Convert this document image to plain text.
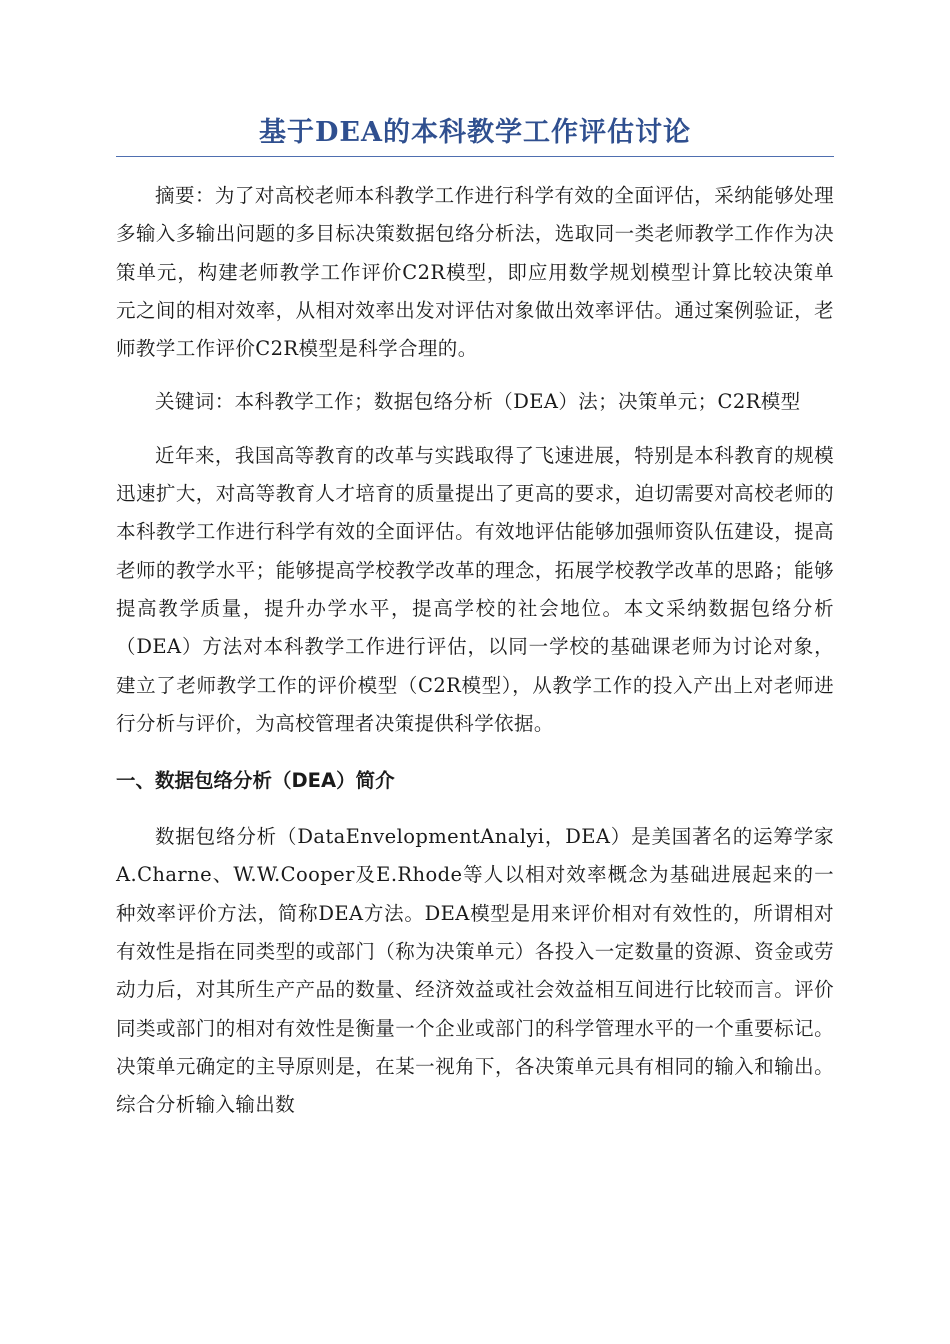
基于DEA的本科教学工作评估讨论

摘要：为了对高校老师本科教学工作进行科学有效的全面评估，采纳能够处理多输入多输出问题的多目标决策数据包络分析法，选取同一类老师教学工作作为决策单元，构建老师教学工作评价C2R模型，即应用数学规划模型计算比较决策单元之间的相对效率，从相对效率出发对评估对象做出效率评估。通过案例验证，老师教学工作评价C2R模型是科学合理的。

关键词：本科教学工作；数据包络分析（DEA）法；决策单元；C2R模型

近年来，我国高等教育的改革与实践取得了飞速进展，特别是本科教育的规模迅速扩大，对高等教育人才培育的质量提出了更高的要求，迫切需要对高校老师的本科教学工作进行科学有效的全面评估。有效地评估能够加强师资队伍建设，提高老师的教学水平；能够提高学校教学改革的理念，拓展学校教学改革的思路；能够提高教学质量，提升办学水平，提高学校的社会地位。本文采纳数据包络分析（DEA）方法对本科教学工作进行评估，以同一学校的基础课老师为讨论对象，建立了老师教学工作的评价模型（C2R模型），从教学工作的投入产出上对老师进行分析与评价，为高校管理者决策提供科学依据。

一、数据包络分析（DEA）简介

数据包络分析（DataEnvelopmentAnalyi，DEA）是美国著名的运筹学家A.Charne、W.W.Cooper及E.Rhode等人以相对效率概念为基础进展起来的一种效率评价方法，简称DEA方法。DEA模型是用来评价相对有效性的，所谓相对有效性是指在同类型的或部门（称为决策单元）各投入一定数量的资源、资金或劳动力后，对其所生产产品的数量、经济效益或社会效益相互间进行比较而言。评价同类或部门的相对有效性是衡量一个企业或部门的科学管理水平的一个重要标记。决策单元确定的主导原则是，在某一视角下，各决策单元具有相同的输入和输出。综合分析输入输出数
